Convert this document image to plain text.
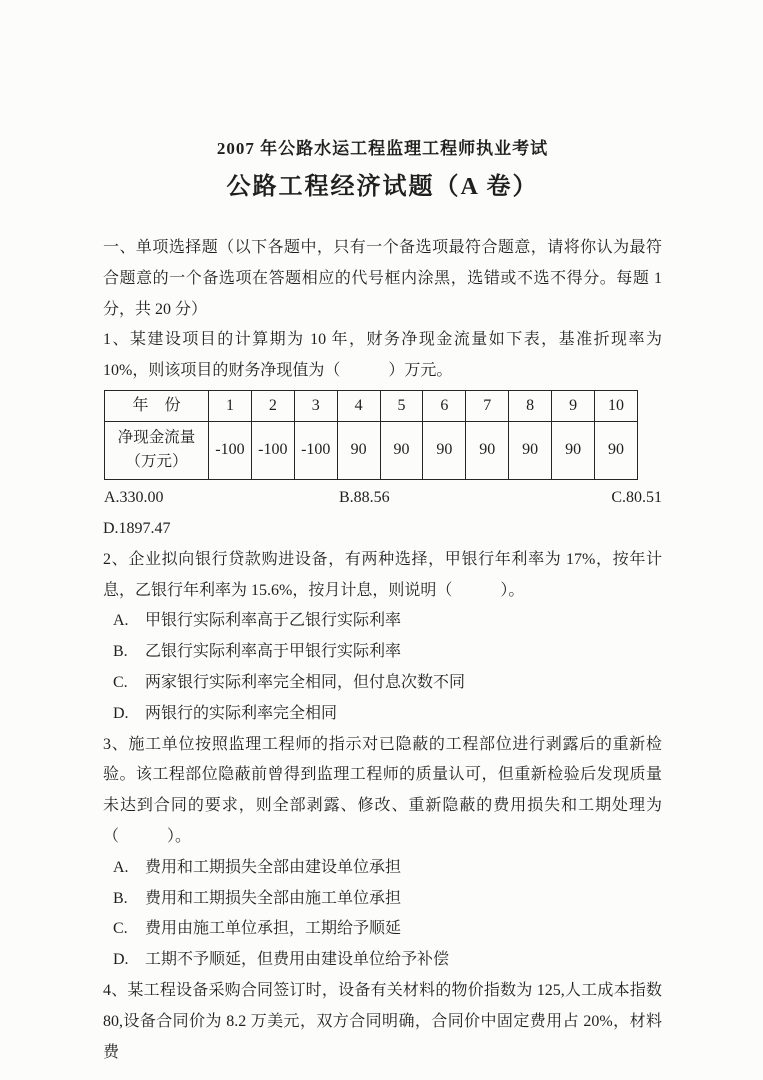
2007 年公路水运工程监理工程师执业考试
公路工程经济试题（A 卷）

一、单项选择题（以下各题中，只有一个备选项最符合题意，请将你认为最符合题意的一个备选项在答题相应的代号框内涂黑，选错或不选不得分。每题 1 分，共 20 分）

1、某建设项目的计算期为 10 年，财务净现金流量如下表，基准折现率为 10%，则该项目的财务净现值为（　　　）万元。

年　份	1	2	3	4	5	6	7	8	9	10

净现金流量
（万元）	-100	-100	-100	90	90	90	90	90	90	90
A.330.00	B.88.56	C.80.51
D.1897.47

2、企业拟向银行贷款购进设备，有两种选择，甲银行年利率为 17%，按年计息，乙银行年利率为 15.6%，按月计息，则说明（　　　）。

A. 甲银行实际利率高于乙银行实际利率
B. 乙银行实际利率高于甲银行实际利率
C. 两家银行实际利率完全相同，但付息次数不同
D. 两银行的实际利率完全相同

3、施工单位按照监理工程师的指示对已隐蔽的工程部位进行剥露后的重新检验。该工程部位隐蔽前曾得到监理工程师的质量认可，但重新检验后发现质量未达到合同的要求，则全部剥露、修改、重新隐蔽的费用损失和工期处理为（　　　）。

A. 费用和工期损失全部由建设单位承担
B. 费用和工期损失全部由施工单位承担
C. 费用由施工单位承担，工期给予顺延
D. 工期不予顺延，但费用由建设单位给予补偿

4、某工程设备采购合同签订时，设备有关材料的物价指数为 125,人工成本指数 80,设备合同价为 8.2 万美元，双方合同明确，合同价中固定费用占 20%，材料费
